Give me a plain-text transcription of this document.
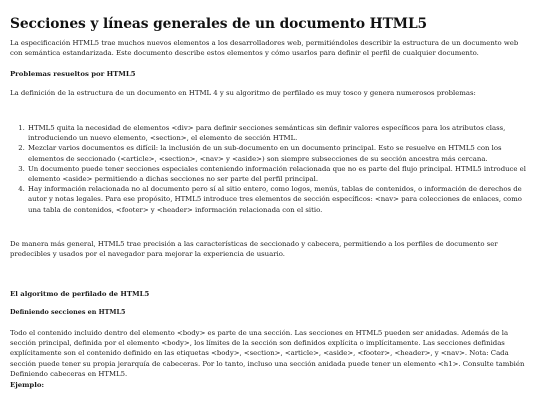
Secciones y líneas generales de un documento HTML5

La especificación HTML5 trae muchos nuevos elementos a los desarrolladores web, permitiéndoles describir la estructura de un documento web con semántica estandarizada. Este documento describe estos elementos y cómo usarlos para definir el perfil de cualquier documento.

Problemas resueltos por HTML5

La definición de la estructura de un documento en HTML 4 y su algoritmo de perfilado es muy tosco y genera numerosos problemas:

1. HTML5 quita la necesidad de elementos <div> para definir secciones semánticas sin definir valores específicos para los atributos class, introduciendo un nuevo elemento, <section>, el elemento de sección HTML.
2. Mezclar varios documentos es difícil: la inclusión de un sub-documento en un documento principal. Esto se resuelve en HTML5 con los elementos de seccionado (<article>, <section>, <nav> y <aside>) son siempre subsecciones de su sección ancestra más cercana.
3. Un documento puede tener secciones especiales conteniendo información relacionada que no es parte del flujo principal. HTML5 introduce el elemento <aside> permitiendo a dichas secciones no ser parte del perfil principal.
4. Hay información relacionada no al documento pero sí al sitio entero, como logos, menús, tablas de contenidos, o información de derechos de autor y notas legales. Para ese propósito, HTML5 introduce tres elementos de sección específicos: <nav> para colecciones de enlaces, como una tabla de contenidos, <footer> y <header> información relacionada con el sitio.

De manera más general, HTML5 trae precisión a las características de seccionado y cabecera, permitiendo a los perfiles de documento ser predecibles y usados por el navegador para mejorar la experiencia de usuario.

El algoritmo de perfilado de HTML5

Definiendo secciones en HTML5

Todo el contenido incluido dentro del elemento <body> es parte de una sección. Las secciones en HTML5 pueden ser anidadas. Además de la sección principal, definida por el elemento <body>, los límites de la sección son definidos explícita o implícitamente. Las secciones definidas explícitamente son el contenido definido en las etiquetas <body>, <section>, <article>, <aside>, <footer>, <header>, y <nav>. Nota: Cada sección puede tener su propia jerarquía de cabeceras. Por lo tanto, incluso una sección anidada puede tener un elemento <h1>. Consulte también Definiendo cabeceras en HTML5.

Ejemplo:
